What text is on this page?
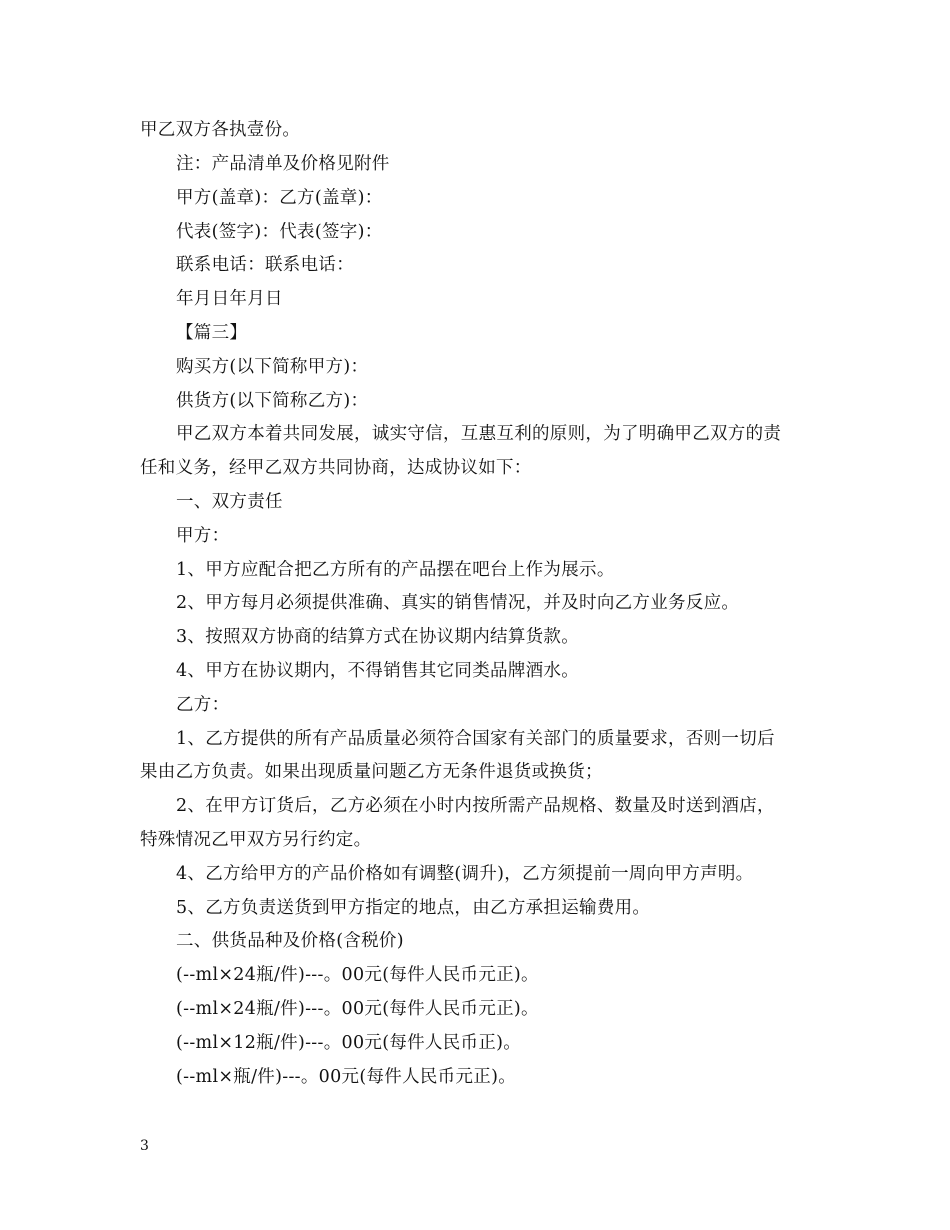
甲乙双方各执壹份。
注：产品清单及价格见附件
甲方(盖章)：乙方(盖章)：
代表(签字)：代表(签字)：
联系电话：联系电话：
年月日年月日
【篇三】
购买方(以下简称甲方)：
供货方(以下简称乙方)：
甲乙双方本着共同发展，诚实守信，互惠互利的原则，为了明确甲乙双方的责
任和义务，经甲乙双方共同协商，达成协议如下：
一、双方责任
甲方：
1、甲方应配合把乙方所有的产品摆在吧台上作为展示。
2、甲方每月必须提供准确、真实的销售情况，并及时向乙方业务反应。
3、按照双方协商的结算方式在协议期内结算货款。
4、甲方在协议期内，不得销售其它同类品牌酒水。
乙方：
1、乙方提供的所有产品质量必须符合国家有关部门的质量要求，否则一切后
果由乙方负责。如果出现质量问题乙方无条件退货或换货；
2、在甲方订货后，乙方必须在小时内按所需产品规格、数量及时送到酒店，
特殊情况乙甲双方另行约定。
4、乙方给甲方的产品价格如有调整(调升)，乙方须提前一周向甲方声明。
5、乙方负责送货到甲方指定的地点，由乙方承担运输费用。
二、供货品种及价格(含税价)
(--ml×24瓶/件)---。00元(每件人民币元正)。
(--ml×24瓶/件)---。00元(每件人民币元正)。
(--ml×12瓶/件)---。00元(每件人民币正)。
(--ml×瓶/件)---。00元(每件人民币元正)。
3
